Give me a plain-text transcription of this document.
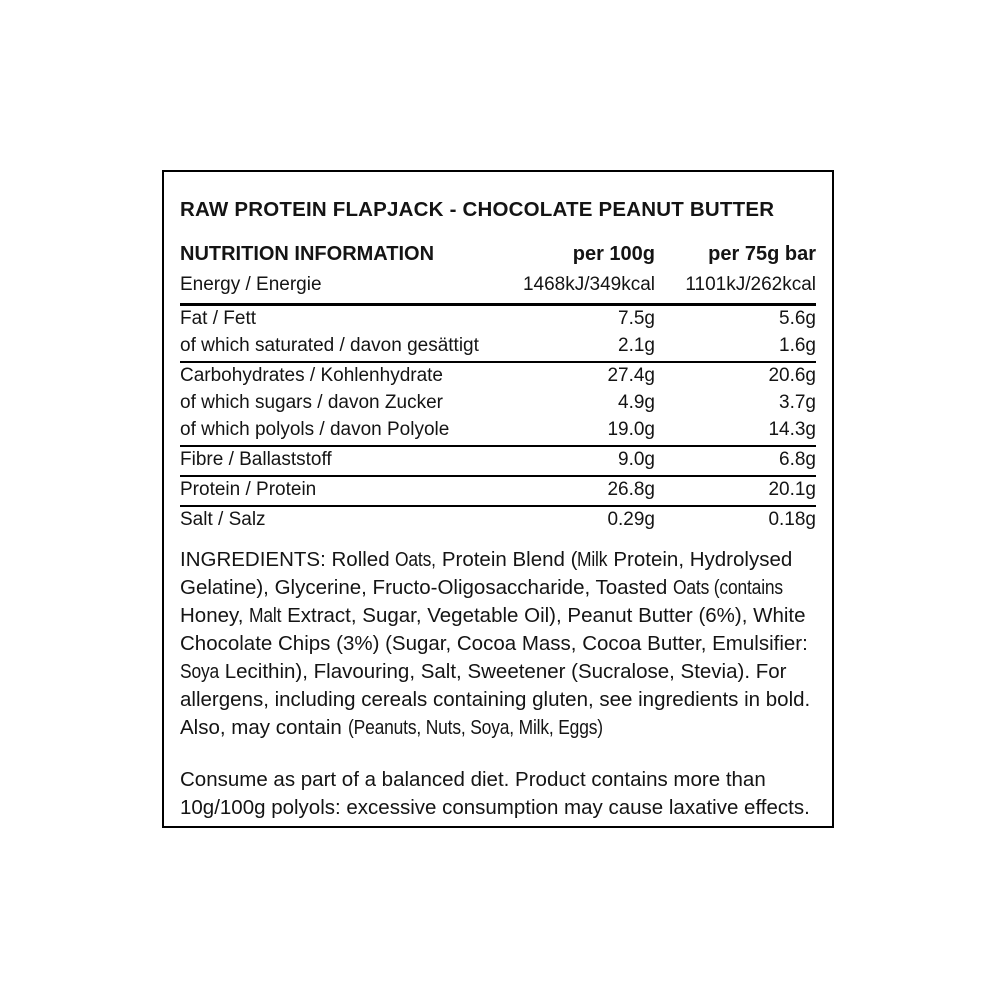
RAW PROTEIN FLAPJACK - CHOCOLATE PEANUT BUTTER
NUTRITION INFORMATION	per 100g	per 75g bar
Energy / Energie	1468kJ/349kcal	1101kJ/262kcal
Fat / Fett	7.5g	5.6g
of which saturated / davon gesättigt	2.1g	1.6g
Carbohydrates / Kohlenhydrate	27.4g	20.6g
of which sugars / davon Zucker	4.9g	3.7g
of which polyols / davon Polyole	19.0g	14.3g
Fibre / Ballaststoff	9.0g	6.8g
Protein / Protein	26.8g	20.1g
Salt / Salz	0.29g	0.18g

INGREDIENTS: Rolled Oats, Protein Blend (Milk Protein, Hydrolysed
Gelatine), Glycerine, Fructo-Oligosaccharide, Toasted Oats (contains
Honey, Malt Extract, Sugar, Vegetable Oil), Peanut Butter (6%), White
Chocolate Chips (3%) (Sugar, Cocoa Mass, Cocoa Butter, Emulsifier:
Soya Lecithin), Flavouring, Salt, Sweetener (Sucralose, Stevia). For
allergens, including cereals containing gluten, see ingredients in bold.
Also, may contain (Peanuts, Nuts, Soya, Milk, Eggs)

Consume as part of a balanced diet. Product contains more than
10g/100g polyols: excessive consumption may cause laxative effects.
